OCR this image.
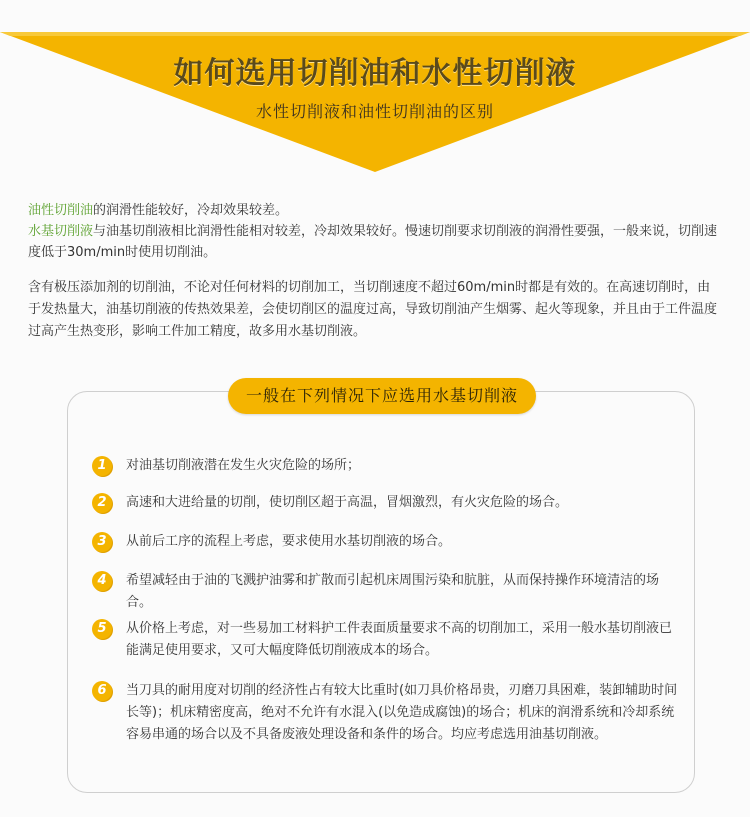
如何选用切削油和水性切削液
水性切削液和油性切削油的区别

油性切削油的润滑性能较好，冷却效果较差。
水基切削液与油基切削液相比润滑性能相对较差，冷却效果较好。慢速切削要求切削液的润滑性要强，一般来说，切削速度低于30m/min时使用切削油。

含有极压添加剂的切削油，不论对任何材料的切削加工，当切削速度不超过60m/min时都是有效的。在高速切削时，由于发热量大，油基切削液的传热效果差，会使切削区的温度过高，导致切削油产生烟雾、起火等现象，并且由于工件温度过高产生热变形，影响工件加工精度，故多用水基切削液。

一般在下列情况下应选用水基切削液
1	对油基切削液潜在发生火灾危险的场所；
2	高速和大进给量的切削，使切削区超于高温，冒烟激烈，有火灾危险的场合。
3	从前后工序的流程上考虑，要求使用水基切削液的场合。
4	希望减轻由于油的飞溅护油雾和扩散而引起机床周围污染和肮脏，从而保持操作环境清洁的场合。
5	从价格上考虑，对一些易加工材料护工件表面质量要求不高的切削加工，采用一般水基切削液已能满足使用要求，又可大幅度降低切削液成本的场合。
6	当刀具的耐用度对切削的经济性占有较大比重时(如刀具价格昂贵，刃磨刀具困难，装卸辅助时间长等)；机床精密度高，绝对不允许有水混入(以免造成腐蚀)的场合；机床的润滑系统和冷却系统容易串通的场合以及不具备废液处理设备和条件的场合。均应考虑选用油基切削液。
